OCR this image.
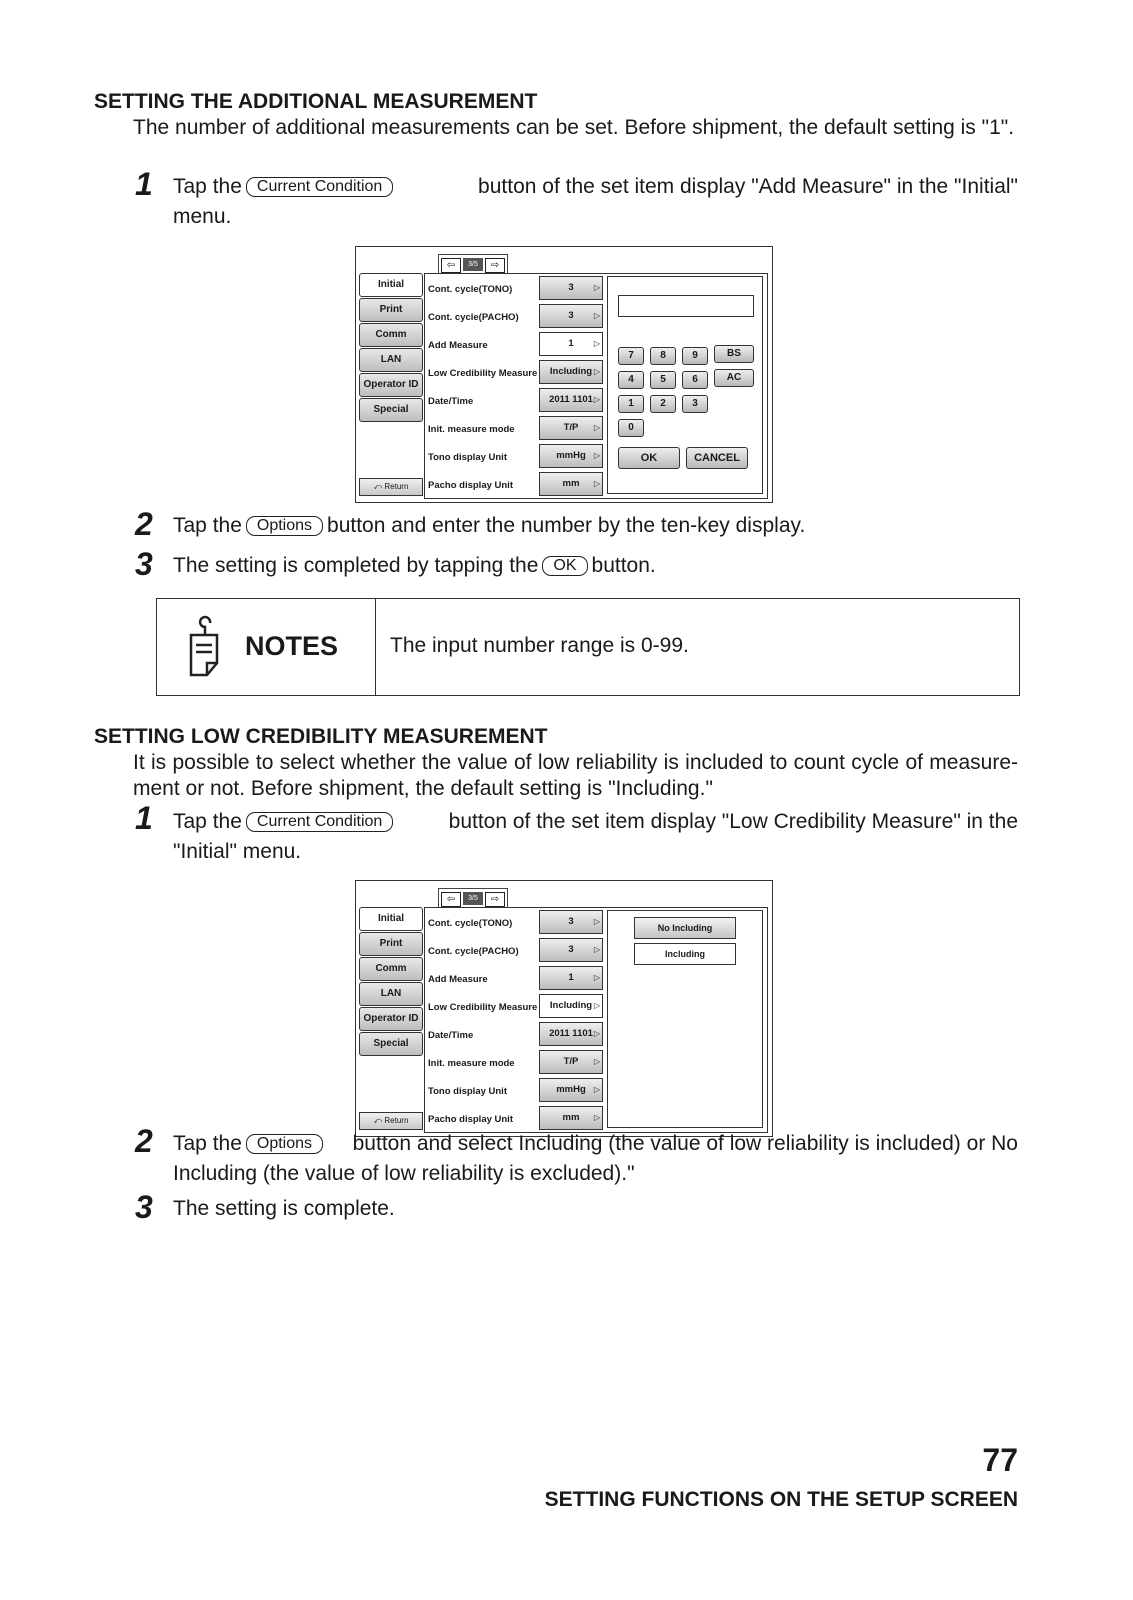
SETTING THE ADDITIONAL MEASUREMENT
The number of additional measurements can be set. Before shipment, the default setting is "1".
1 Tap the Current Condition	button of the set item display "Add Measure" in the "Initial"
menu.
⇦	3/5	⇨
Initial
Print
Comm
LAN
Operator ID
Special
⤺ Return
Cont. cycle(TONO)	3	▷
Cont. cycle(PACHO)	3	▷
Add Measure	1	▷
Low Credibility Measure	Including ▷
Date/Time	2011 1101 ▷
Init. measure mode	T/P ▷
Tono display Unit	mmHg ▷
Pacho display Unit	mm ▷
7	8	9	BS
4	5	6	AC
1	2	3
0
OK	CANCEL
2 Tap the Options button and enter the number by the ten-key display.
3 The setting is completed by tapping the OK button.
NOTES The input number range is 0-99.
SETTING LOW CREDIBILITY MEASUREMENT
It is possible to select whether the value of low reliability is included to count cycle of measure-ment or not. Before shipment, the default setting is "Including."
1 Tap the Current Condition	button of the set item display "Low Credibility Measure" in the
"Initial" menu.
⇦	3/5	⇨
Initial
Print
Comm
LAN
Operator ID
Special
⤺ Return
Cont. cycle(TONO)	3	▷
Cont. cycle(PACHO)	3	▷
Add Measure	1	▷
Low Credibility Measure	Including ▷
Date/Time	2011 1101 ▷
Init. measure mode	T/P ▷
Tono display Unit	mmHg ▷
Pacho display Unit	mm ▷
No Including
Including
2 Tap the Options	button and select Including (the value of low reliability is included) or No
Including (the value of low reliability is excluded)."
3 The setting is complete.
77
SETTING FUNCTIONS ON THE SETUP SCREEN
